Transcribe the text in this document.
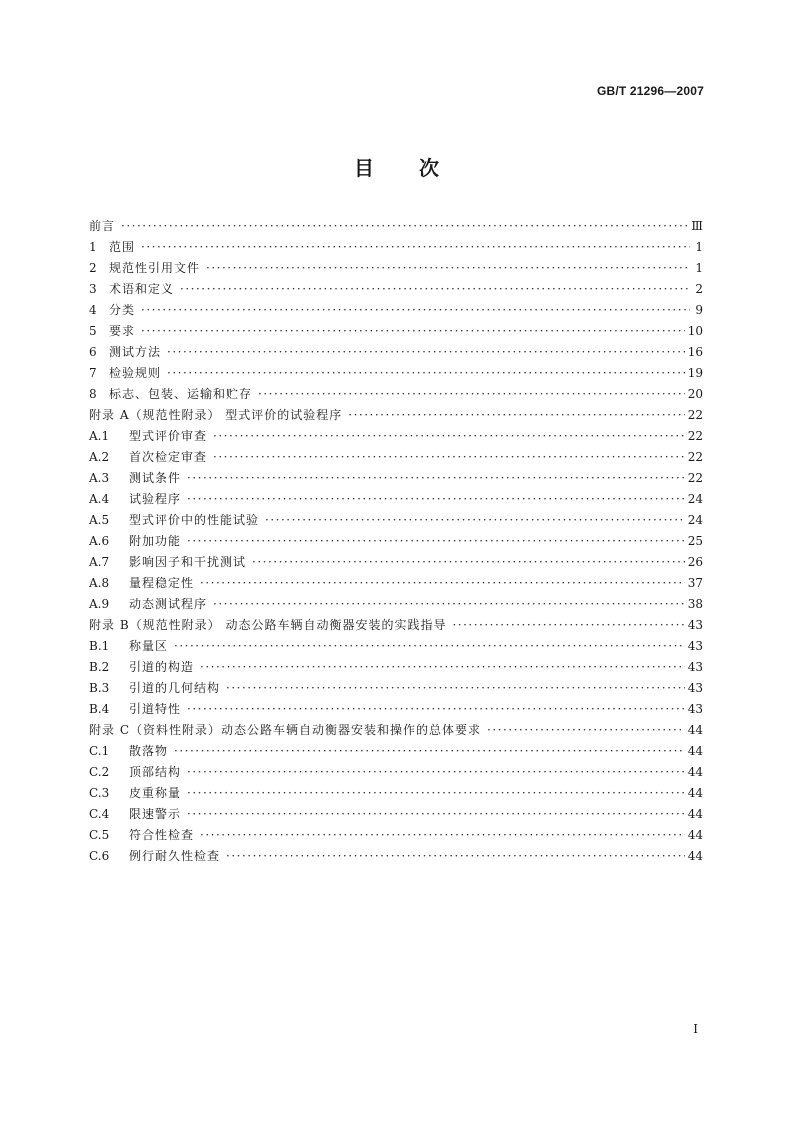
GB/T 21296—2007
目 次
前言 ·····	Ⅲ
1	范围 ·····	1
2	规范性引用文件 ·····	1
3	术语和定义 ·····	2
4	分类 ·····	9
5	要求 ·····	10
6	测试方法 ·····	16
7	检验规则 ·····	19
8	标志、包装、运输和贮存 ·····	20
附录 A（规范性附录） 型式评价的试验程序 ·····	22
A.1	型式评价审查 ·····	22
A.2	首次检定审查 ·····	22
A.3	测试条件 ·····	22
A.4	试验程序 ·····	24
A.5	型式评价中的性能试验 ·····	24
A.6	附加功能 ·····	25
A.7	影响因子和干扰测试 ·····	26
A.8	量程稳定性 ·····	37
A.9	动态测试程序 ·····	38
附录 B（规范性附录） 动态公路车辆自动衡器安装的实践指导 ·····	43
B.1	称量区 ·····	43
B.2	引道的构造 ·····	43
B.3	引道的几何结构 ·····	43
B.4	引道特性 ·····	43
附录 C（资料性附录）动态公路车辆自动衡器安装和操作的总体要求 ·····	44
C.1	散落物 ·····	44
C.2	顶部结构 ·····	44
C.3	皮重称量 ·····	44
C.4	限速警示 ·····	44
C.5	符合性检查 ·····	44
C.6	例行耐久性检查 ·····	44
I
